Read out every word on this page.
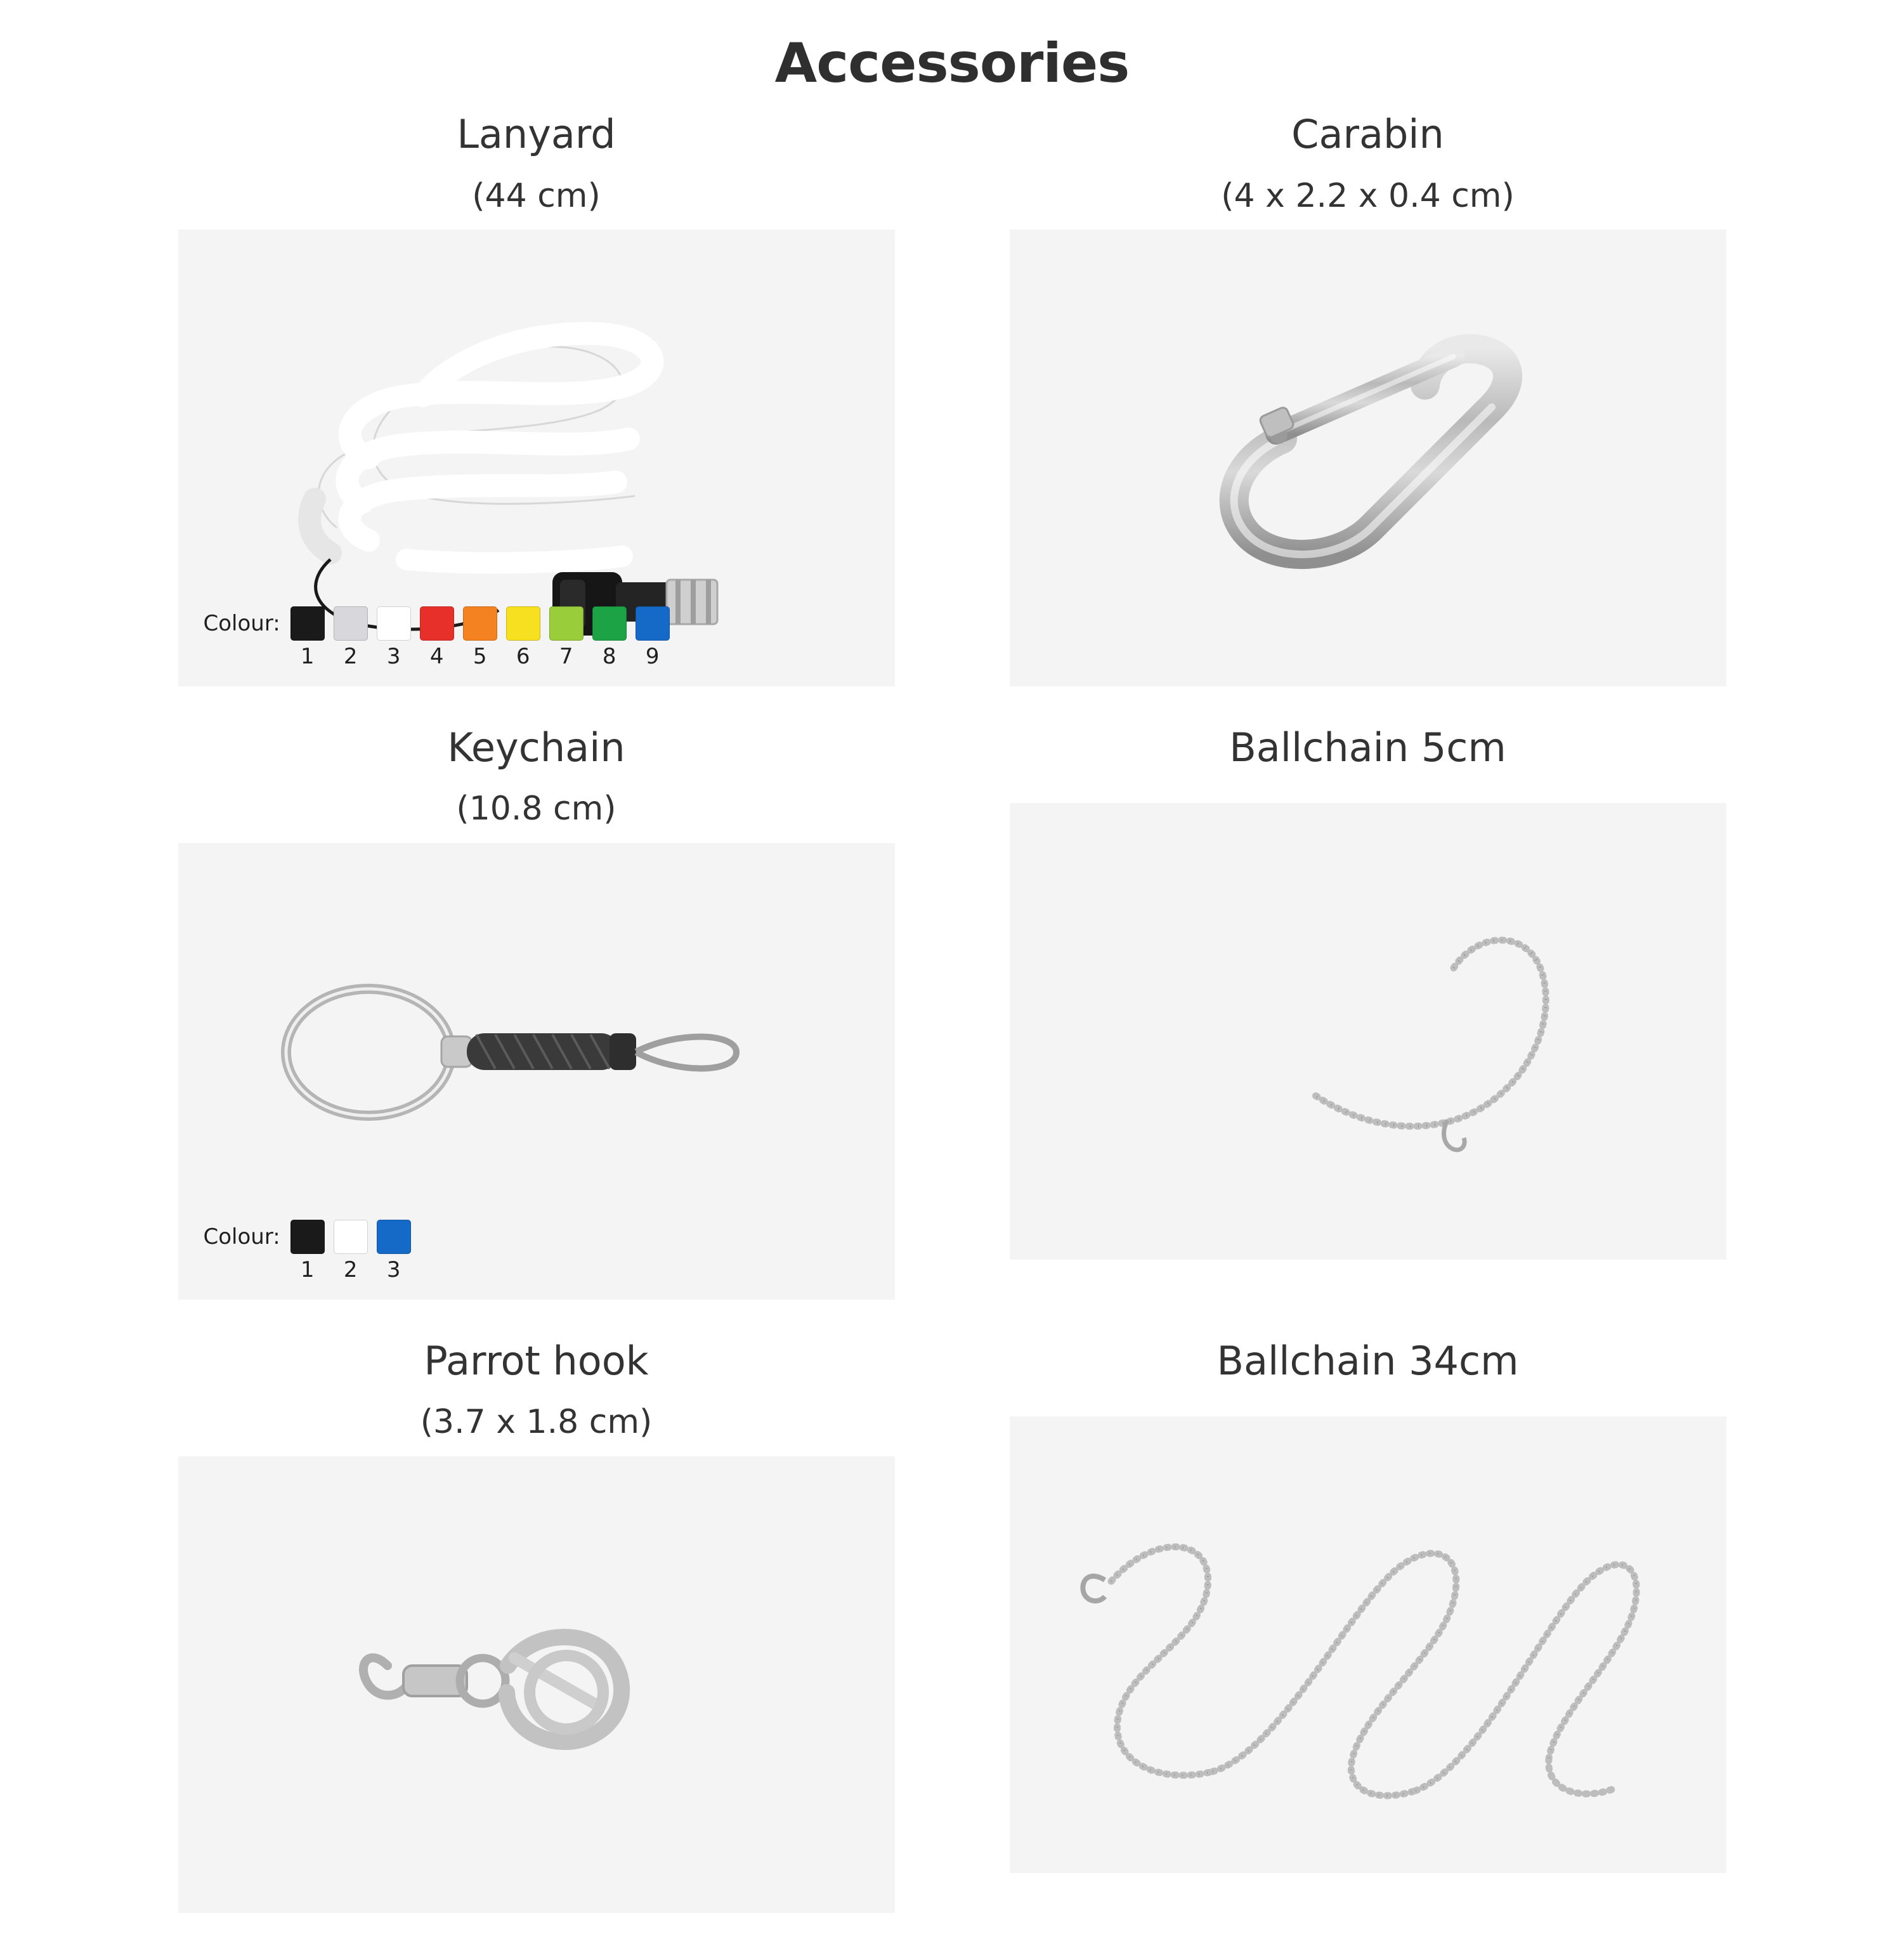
Accessories
Lanyard
(44 cm)
Colour:
1 2 3 4 5 6 7 8 9
Carabin
(4 x 2.2 x 0.4 cm)
Keychain
(10.8 cm)
Colour:
1 2 3
Ballchain 5cm
Parrot hook
(3.7 x 1.8 cm)
Ballchain 34cm
